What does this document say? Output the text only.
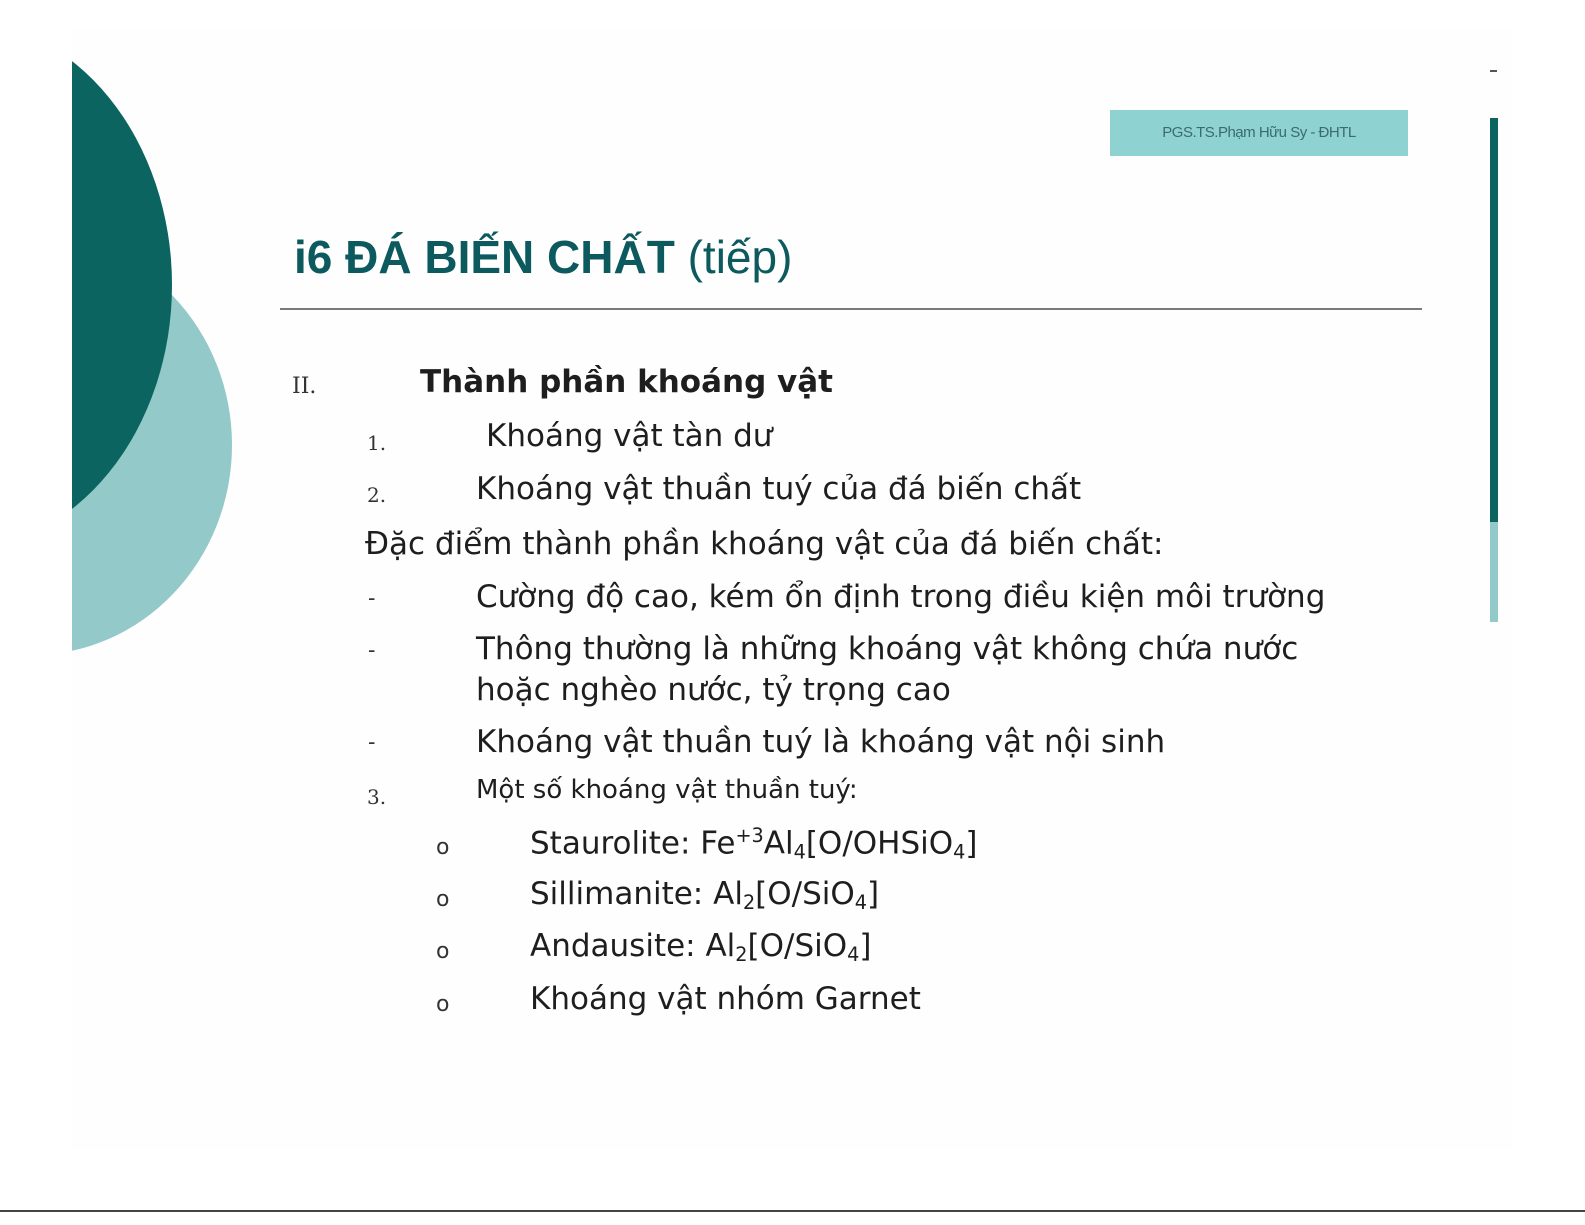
PGS.TS.Phạm Hữu Sy - ĐHTL
i6 ĐÁ BIẾN CHẤT (tiếp)
II.	Thành phần khoáng vật
1.	Khoáng vật tàn dư
2.	Khoáng vật thuần tuý của đá biến chất
Đặc điểm thành phần khoáng vật của đá biến chất:
-	Cường độ cao, kém ổn định trong điều kiện môi trường
-	Thông thường là những khoáng vật không chứa nước
hoặc nghèo nước, tỷ trọng cao
-	Khoáng vật thuần tuý là khoáng vật nội sinh
3.	Một số khoáng vật thuần tuý:
o	Staurolite: $Fe^{+3}Al_4[O/OHSiO_4]$
o	Sillimanite: $Al_2[O/SiO_4]$
o	Andausite: $Al_2[O/SiO_4]$
o	Khoáng vật nhóm Garnet
